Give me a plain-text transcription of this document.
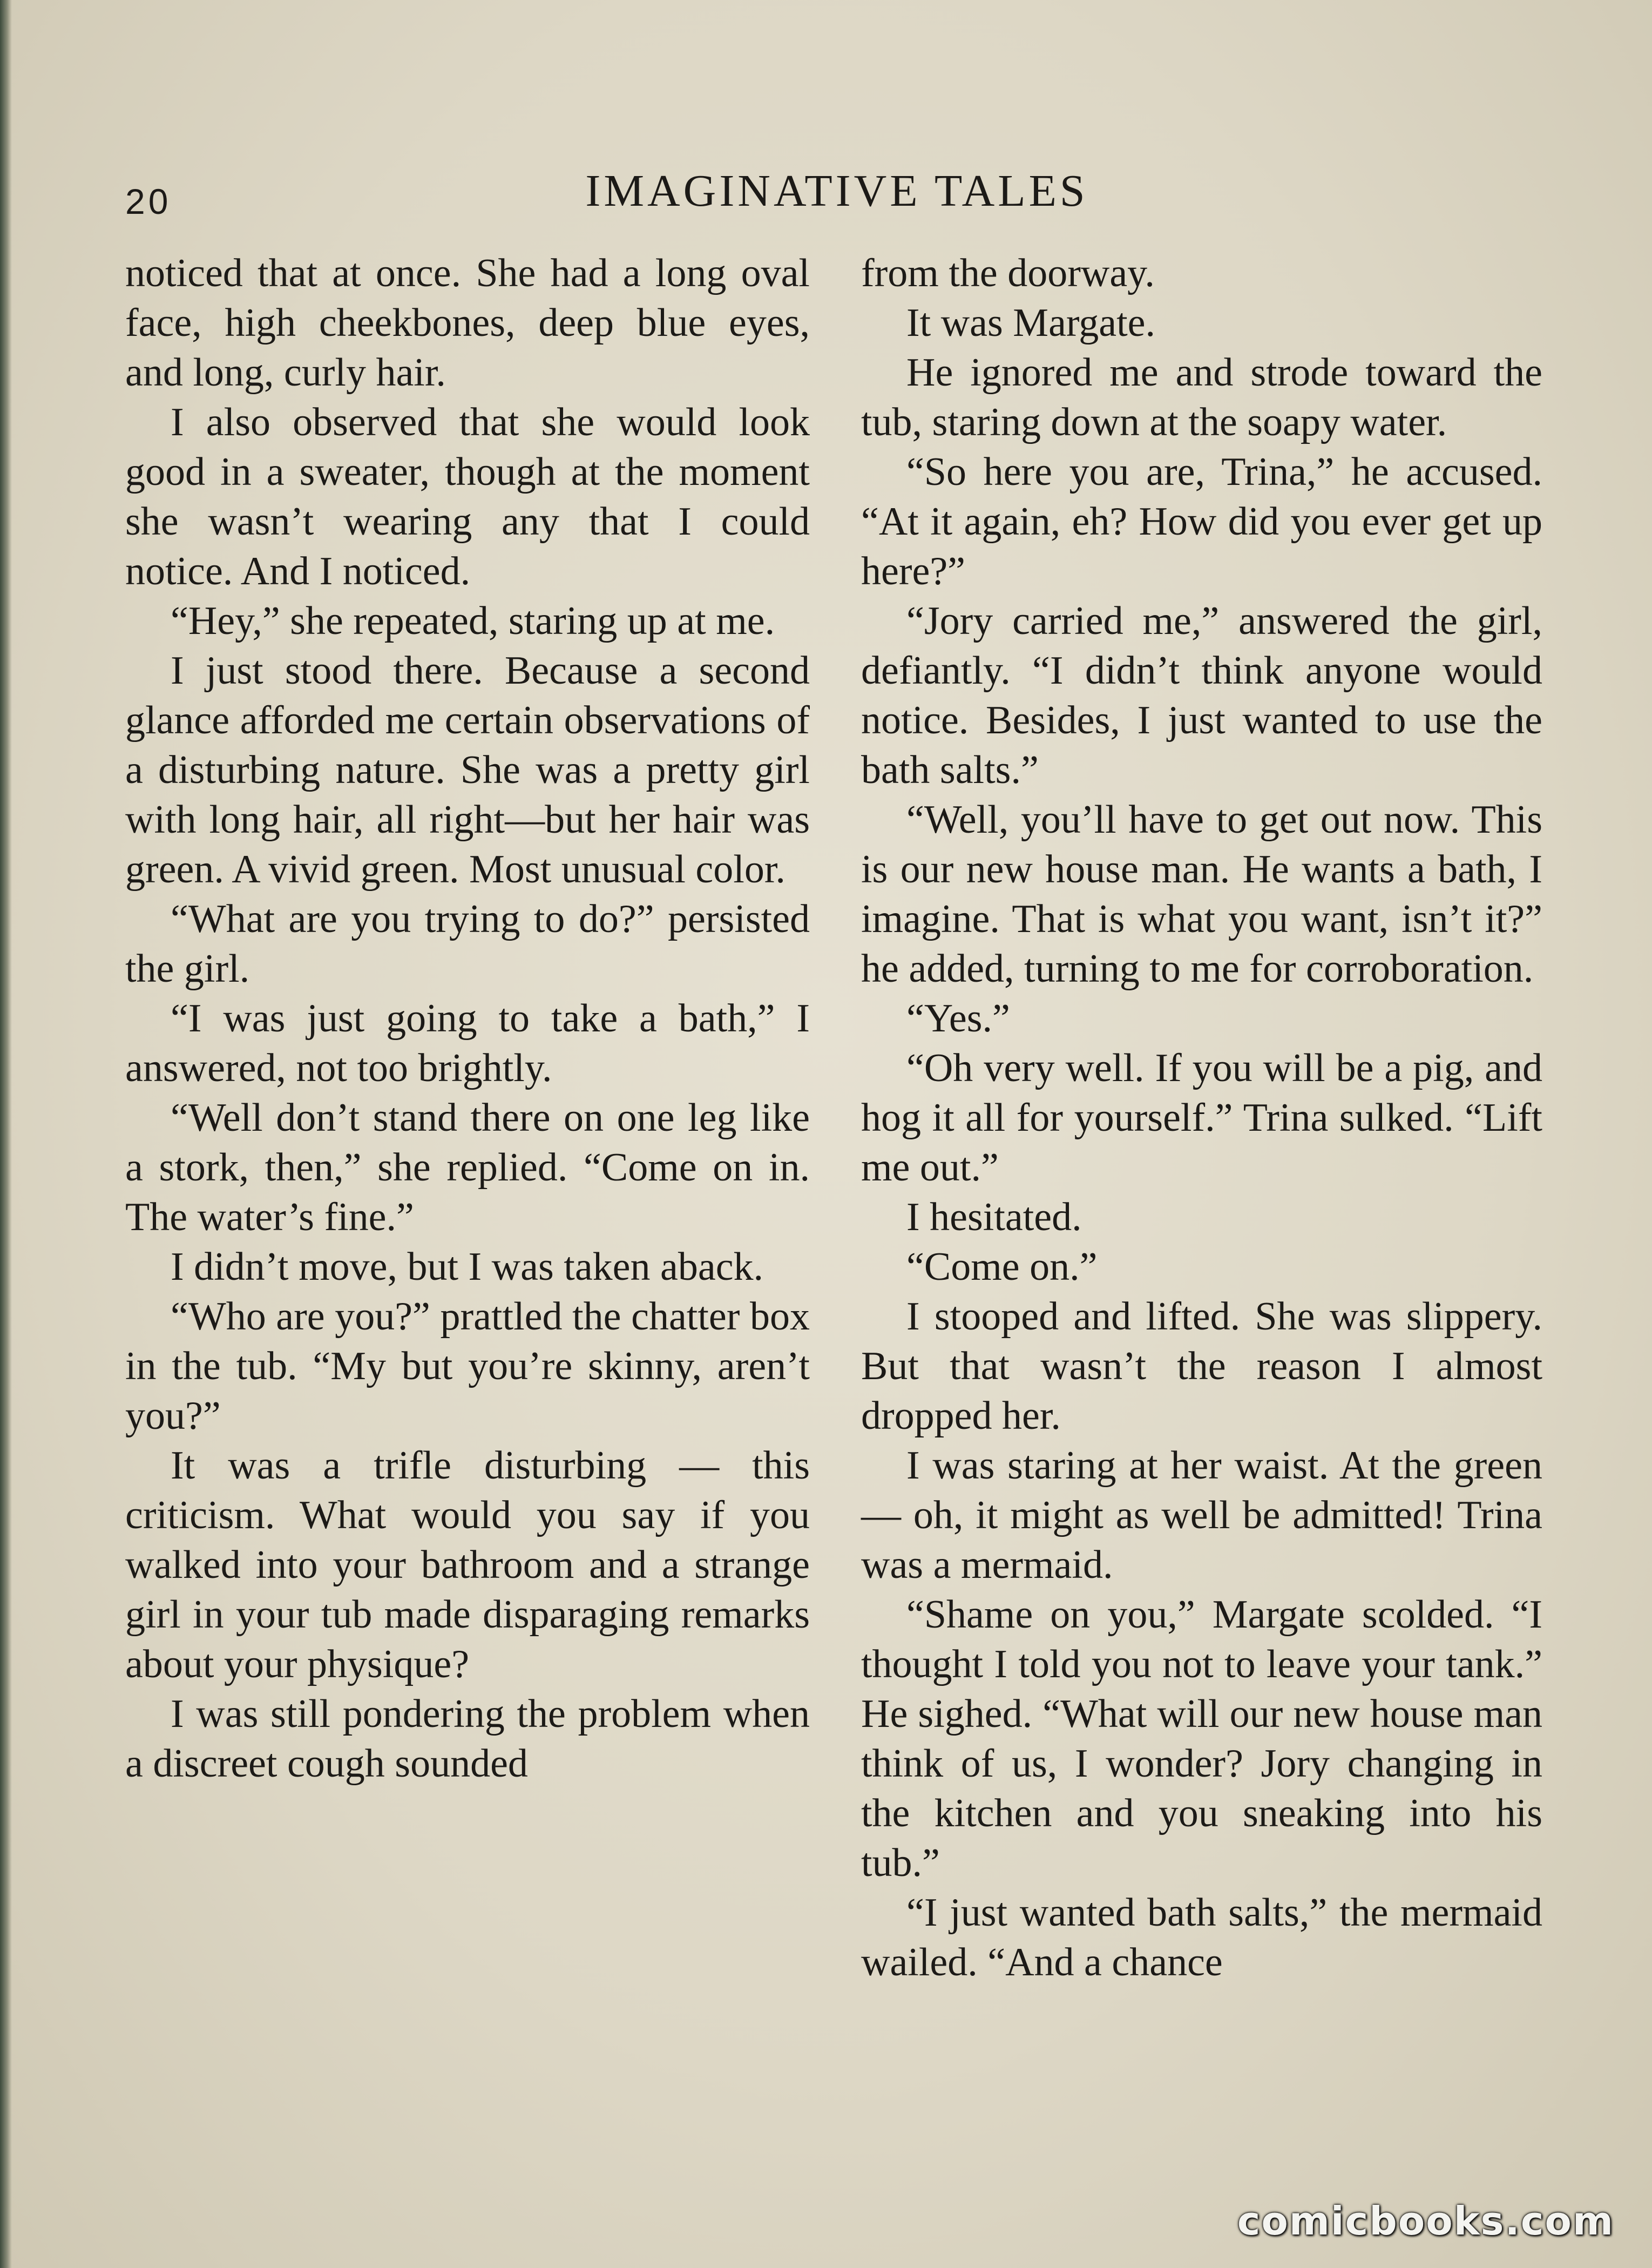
20	IMAGINATIVE TALES

noticed that at once. She had a long oval face, high cheekbones, deep blue eyes, and long, curly hair.

I also observed that she would look good in a sweater, though at the moment she wasn’t wearing any that I could notice. And I noticed.

“Hey,” she repeated, staring up at me.

I just stood there. Because a second glance afforded me certain observations of a disturbing nature. She was a pretty girl with long hair, all right—but her hair was green. A vivid green. Most unusual color.

“What are you trying to do?” persisted the girl.

“I was just going to take a bath,” I answered, not too brightly.

“Well don’t stand there on one leg like a stork, then,” she replied. “Come on in. The water’s fine.”

I didn’t move, but I was taken aback.

“Who are you?” prattled the chatter box in the tub. “My but you’re skinny, aren’t you?”

It was a trifle disturbing — this criticism. What would you say if you walked into your bathroom and a strange girl in your tub made disparaging remarks about your physique?

I was still pondering the problem when a discreet cough sounded

from the doorway.

It was Margate.

He ignored me and strode toward the tub, staring down at the soapy water.

“So here you are, Trina,” he accused. “At it again, eh? How did you ever get up here?”

“Jory carried me,” answered the girl, defiantly. “I didn’t think anyone would notice. Besides, I just wanted to use the bath salts.”

“Well, you’ll have to get out now. This is our new house man. He wants a bath, I imagine. That is what you want, isn’t it?” he added, turning to me for corroboration.

“Yes.”

“Oh very well. If you will be a pig, and hog it all for yourself.” Trina sulked. “Lift me out.”

I hesitated.

“Come on.”

I stooped and lifted. She was slippery. But that wasn’t the reason I almost dropped her.

I was staring at her waist. At the green — oh, it might as well be admitted! Trina was a mermaid.

“Shame on you,” Margate scolded. “I thought I told you not to leave your tank.” He sighed. “What will our new house man think of us, I wonder? Jory changing in the kitchen and you sneaking into his tub.”

“I just wanted bath salts,” the mermaid wailed. “And a chance

comicbooks.com
